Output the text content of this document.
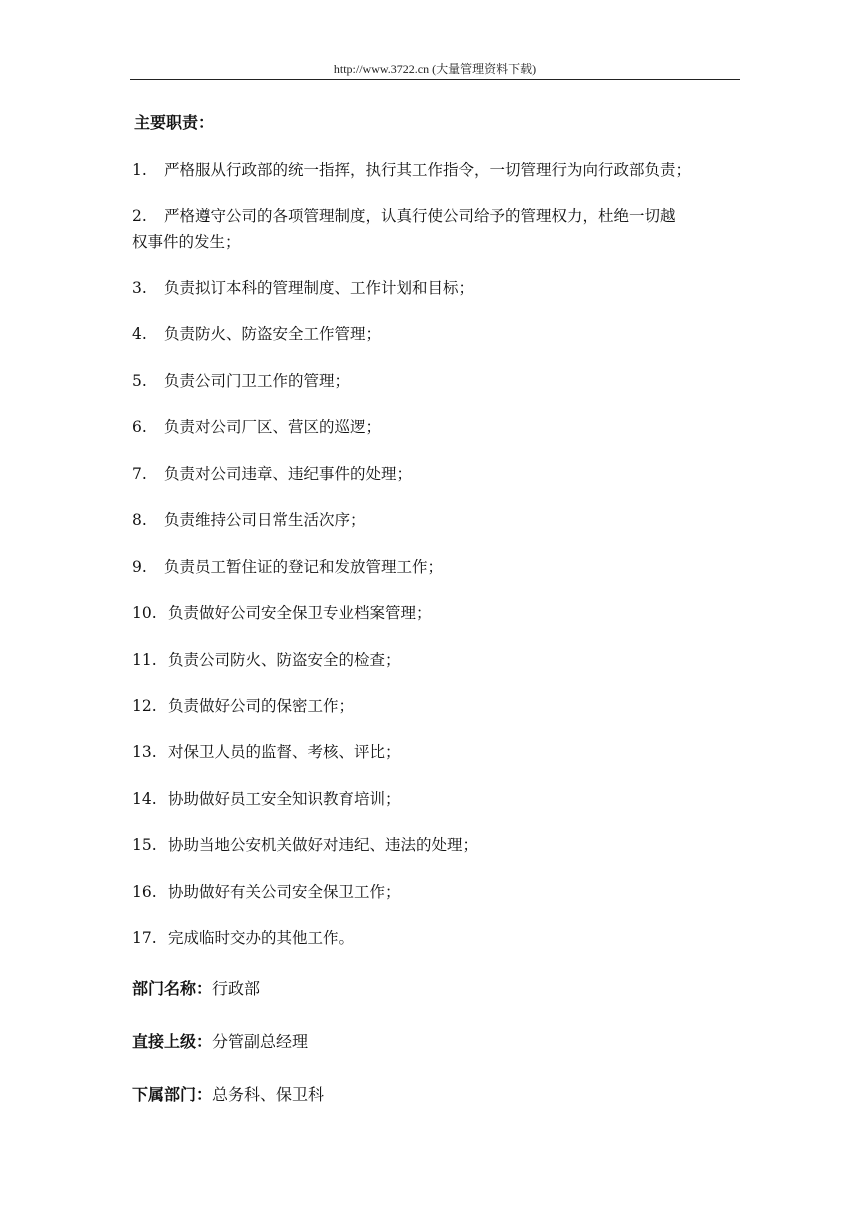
http://www.3722.cn (大量管理资料下载)
主要职责：
1. 严格服从行政部的统一指挥，执行其工作指令，一切管理行为向行政部负责；
2. 严格遵守公司的各项管理制度，认真行使公司给予的管理权力，杜绝一切越
权事件的发生；
3. 负责拟订本科的管理制度、工作计划和目标；
4. 负责防火、防盗安全工作管理；
5. 负责公司门卫工作的管理；
6. 负责对公司厂区、营区的巡逻；
7. 负责对公司违章、违纪事件的处理；
8. 负责维持公司日常生活次序；
9. 负责员工暂住证的登记和发放管理工作；
10. 负责做好公司安全保卫专业档案管理；
11. 负责公司防火、防盗安全的检查；
12. 负责做好公司的保密工作；
13. 对保卫人员的监督、考核、评比；
14. 协助做好员工安全知识教育培训；
15. 协助当地公安机关做好对违纪、违法的处理；
16. 协助做好有关公司安全保卫工作；
17. 完成临时交办的其他工作。
部门名称：行政部
直接上级：分管副总经理
下属部门：总务科、保卫科
